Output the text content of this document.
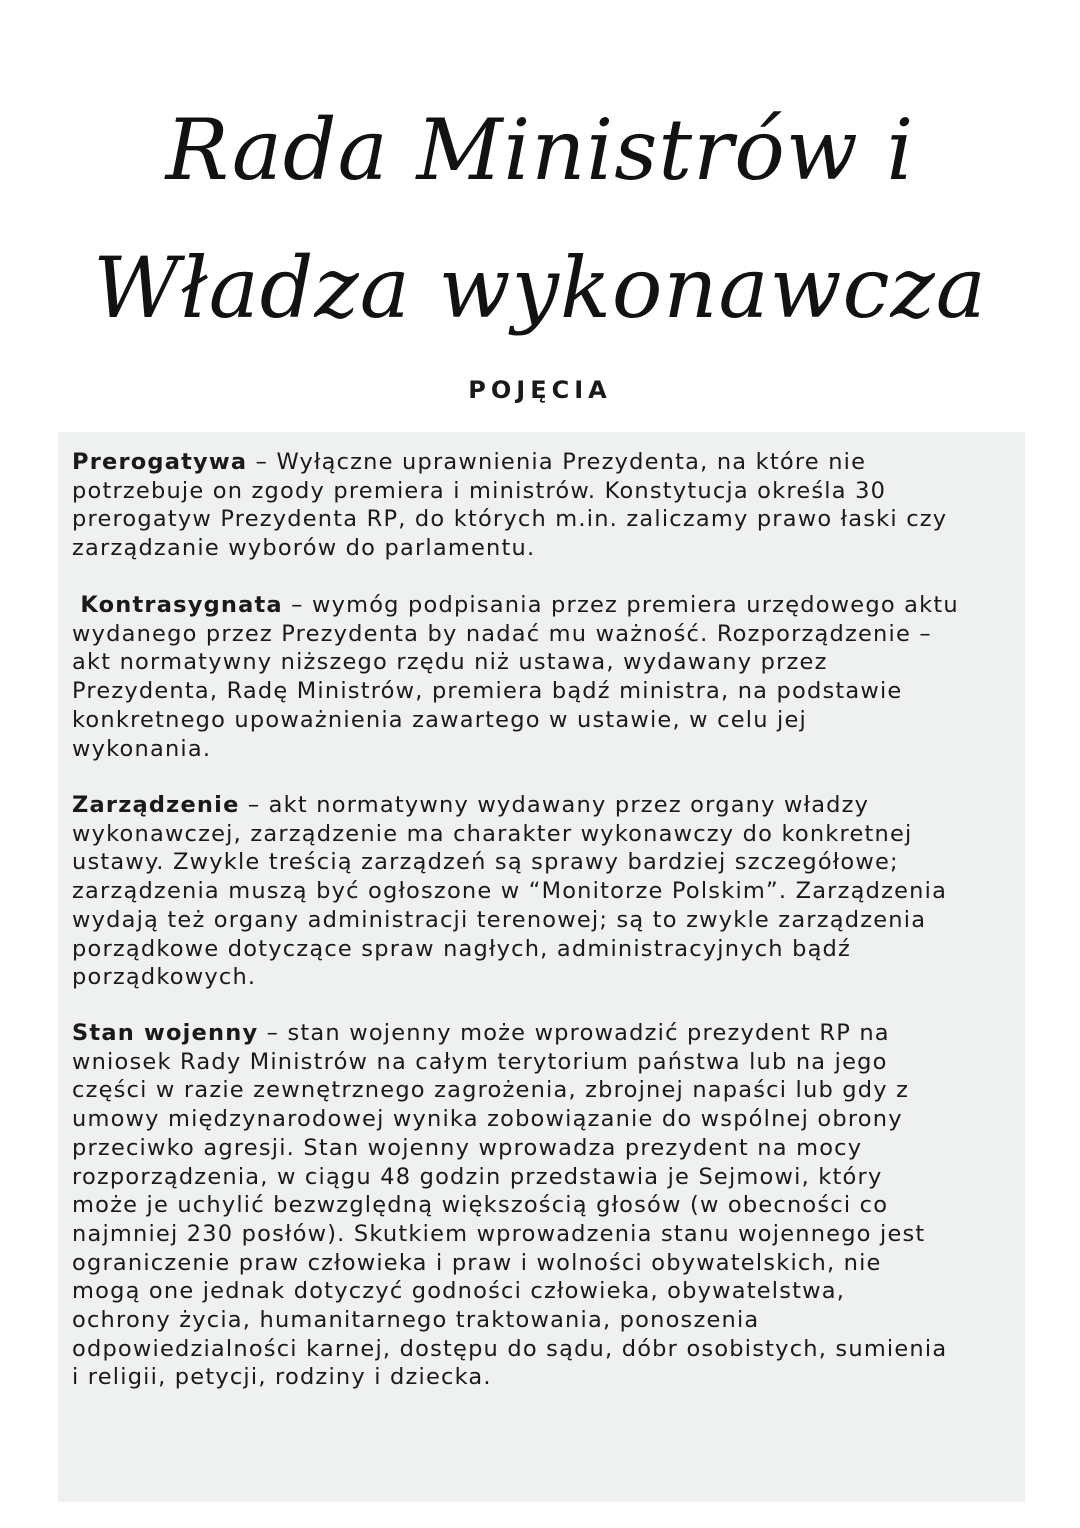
Rada Ministrów i
Władza wykonawcza
POJĘCIA
Prerogatywa – Wyłączne uprawnienia Prezydenta, na które nie
potrzebuje on zgody premiera i ministrów. Konstytucja określa 30
prerogatyw Prezydenta RP, do których m.in. zaliczamy prawo łaski czy
zarządzanie wyborów do parlamentu.
Kontrasygnata – wymóg podpisania przez premiera urzędowego aktu
wydanego przez Prezydenta by nadać mu ważność. Rozporządzenie –
akt normatywny niższego rzędu niż ustawa, wydawany przez
Prezydenta, Radę Ministrów, premiera bądź ministra, na podstawie
konkretnego upoważnienia zawartego w ustawie, w celu jej
wykonania.
Zarządzenie – akt normatywny wydawany przez organy władzy
wykonawczej, zarządzenie ma charakter wykonawczy do konkretnej
ustawy. Zwykle treścią zarządzeń są sprawy bardziej szczegółowe;
zarządzenia muszą być ogłoszone w “Monitorze Polskim”. Zarządzenia
wydają też organy administracji terenowej; są to zwykle zarządzenia
porządkowe dotyczące spraw nagłych, administracyjnych bądź
porządkowych.
Stan wojenny – stan wojenny może wprowadzić prezydent RP na
wniosek Rady Ministrów na całym terytorium państwa lub na jego
części w razie zewnętrznego zagrożenia, zbrojnej napaści lub gdy z
umowy międzynarodowej wynika zobowiązanie do wspólnej obrony
przeciwko agresji. Stan wojenny wprowadza prezydent na mocy
rozporządzenia, w ciągu 48 godzin przedstawia je Sejmowi, który
może je uchylić bezwzględną większością głosów (w obecności co
najmniej 230 posłów). Skutkiem wprowadzenia stanu wojennego jest
ograniczenie praw człowieka i praw i wolności obywatelskich, nie
mogą one jednak dotyczyć godności człowieka, obywatelstwa,
ochrony życia, humanitarnego traktowania, ponoszenia
odpowiedzialności karnej, dostępu do sądu, dóbr osobistych, sumienia
i religii, petycji, rodziny i dziecka.
